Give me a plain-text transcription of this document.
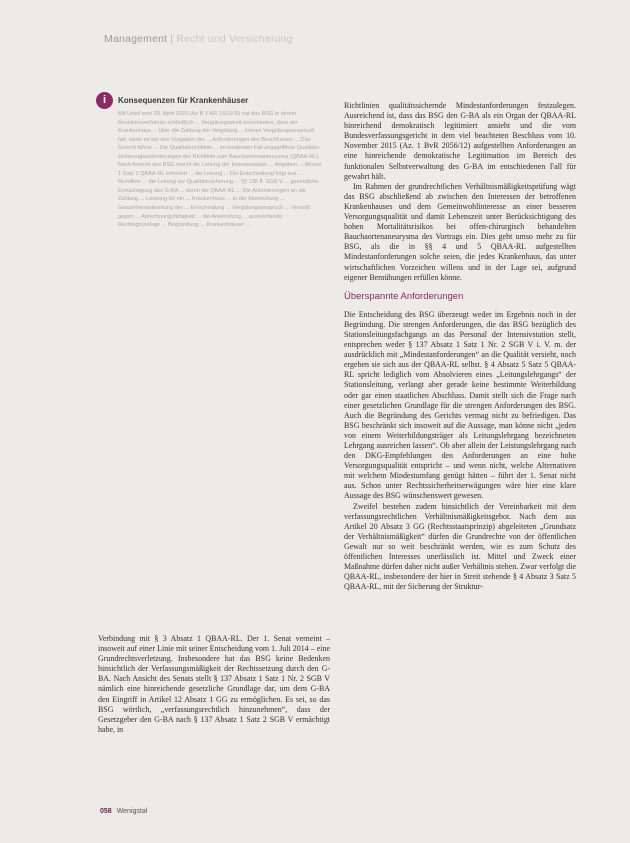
Management | Recht und Versicherung
i	Konsequenzen für Krankenhäuser

Mit Urteil vom 29. April 2020 (Az B 1 KR 16/19 R) hat das BSG in einem Revisionsverfahren schließlich ... Vergütungsstreit entschieden, dass ein Krankenhaus ... über die Zahlung der Vergütung ... keinen Vergütungsanspruch hat, wenn es bei den Vorgaben der ... Anforderungen des Beschlusses ... Das Gericht führte ... Die Qualitätsrichtlinie ... im konkreten Fall angegriffene Qualitäts- sicherungsanforderungen der Richtlinie zum Bauchaortenaneurysma (QBAA-RL). Nach Ansicht des BSG macht die Leitung der Intensivstation ... Angaben ... Absatz 1 Satz 1 QBAA-RL erfordert ... die Leitung ... Die Entscheidung folgt aus ... Richtlinie ... die Leitung zur Qualitätssicherung ... §§ 136 ff. SGB V ... gesetzliche Ermächtigung des G-BA ... durch die QBAA-RL ... Die Anforderungen an die Zahlung ... Leistung für ein ... Krankenhaus ... in der Abweichung ... Gesamtverantwortung der ... Entscheidung ... Vergütungsanspruch ... Verstoß gegen ... Abrechnungsfähigkeit ... die Anwendung ... ausreichende Rechtsgrundlage ... Begründung ... Krankenhäuser ...

Verbindung mit § 3 Absatz 1 QBAA-RL. Der 1. Senat verneint – insoweit auf einer Linie mit seiner Entscheidung vom 1. Juli 2014 – eine Grundrechtsverletzung. Insbesondere hat das BSG keine Bedenken hinsichtlich der Verfassungsmäßigkeit der Rechtssetzung durch den G-BA. Nach Ansicht des Senats stellt § 137 Absatz 1 Satz 1 Nr. 2 SGB V nämlich eine hinreichende gesetzliche Grundlage dar, um dem G-BA den Eingriff in Artikel 12 Absatz 1 GG zu ermöglichen. Es sei, so das BSG wörtlich, „verfassungsrechtlich hinzunehmen“, dass der Gesetzgeber den G-BA nach § 137 Absatz 1 Satz 2 SGB V ermächtigt habe, in

Richtlinien qualitätssichernde Mindestanforderungen festzulegen. Ausreichend ist, dass das BSG den G-BA als ein Organ der QBAA-RL hinreichend demokratisch legitimiert ansieht und die vom Bundesverfassungsgericht in dem viel beachteten Beschluss vom 10. November 2015 (Az. 1 BvR 2056/12) aufgestellten Anforderungen an eine hinreichende demokratische Legitimation im Bereich des funktionalen Selbstverwaltung des G-BA im entschiedenen Fall für gewahrt hält.

Im Rahmen der grundrechtlichen Verhältnismäßigkeitsprüfung wägt das BSG abschließend ab zwischen den Interessen der betroffenen Krankenhauses und dem Gemeinwohlinteresse an einer besseren Versorgungsqualität und damit Lebenszeit unter Berücksichtigung des hohen Mortalitätsrisikos bei offen-chirurgisch behandelten Bauchaortenaneurysma des Vortrags ein. Dies geht umso mehr zu für BSG, als die in §§ 4 und 5 QBAA-RL aufgestellten Mindestanforderungen solche seien, die jedes Krankenhaus, das unter wirtschaftlichen Vorzeichen willens und in der Lage sei, aufgrund eigener Bemühungen erfüllen könne.

Überspannte Anforderungen

Die Entscheidung des BSG überzeugt weder im Ergebnis noch in der Begründung. Die strengen Anforderungen, die das BSG bezüglich des Stationsleitungsfachgangs an das Personal der Intensivstation stellt, entsprechen weder § 137 Absatz 1 Satz 1 Nr. 2 SGB V i. V. m. der ausdrücklich mit „Mindestanforderungen“ an die Qualität versieht, noch ergeben sie sich aus der QBAA-RL selbst. § 4 Absatz 5 Satz 5 QBAA-RL spricht lediglich vom Absolvieren eines „Leitungslehrgangs“ der Stationsleitung, verlangt aber gerade keine bestimmte Weiterbildung oder gar einen staatlichen Abschluss. Damit stellt sich die Frage nach einer gesetzlichen Grundlage für die strengen Anforderungen des BSG. Auch die Begründung des Gerichts vermag nicht zu befriedigen. Das BSG beschränkt sich insoweit auf die Aussage, man könne nicht „jeden von einem Weiterbildungsträger als Leitungslehrgang bezeichneten Lehrgang ausreichen lassen“. Ob aber allein der Leistungslehrgang nach den DKG-Empfehlungen den Anforderungen an eine hohe Versorgungsqualität entspricht – und wenn nicht, welche Alternativen mit welchem Mindestumfang genügt hätten – führt der 1. Senat nicht aus. Schon unter Rechtssicherheitserwägungen wäre hier eine klare Aussage des BSG wünschenswert gewesen.

Zweifel bestehen zudem hinsichtlich der Vereinbarkeit mit dem verfassungsrechtlichen Verhältnismäßigkeitsgebot. Nach dem aus Artikel 20 Absatz 3 GG (Rechtsstaatsprinzip) abgeleiteten „Grundsatz der Verhältnismäßigkeit“ dürfen die Grundrechte von der öffentlichen Gewalt nur so weit beschränkt werden, wie es zum Schutz des öffentlichen Interesses unerlässlich ist. Mittel und Zweck einer Maßnahme dürfen daher nicht außer Verhältnis stehen. Zwar verfolgt die QBAA-RL, insbesondere der hier in Streit stehende § 4 Absatz 3 Satz 5 QBAA-RL, mit der Sicherung der Struktur-

058 Wenigstal
